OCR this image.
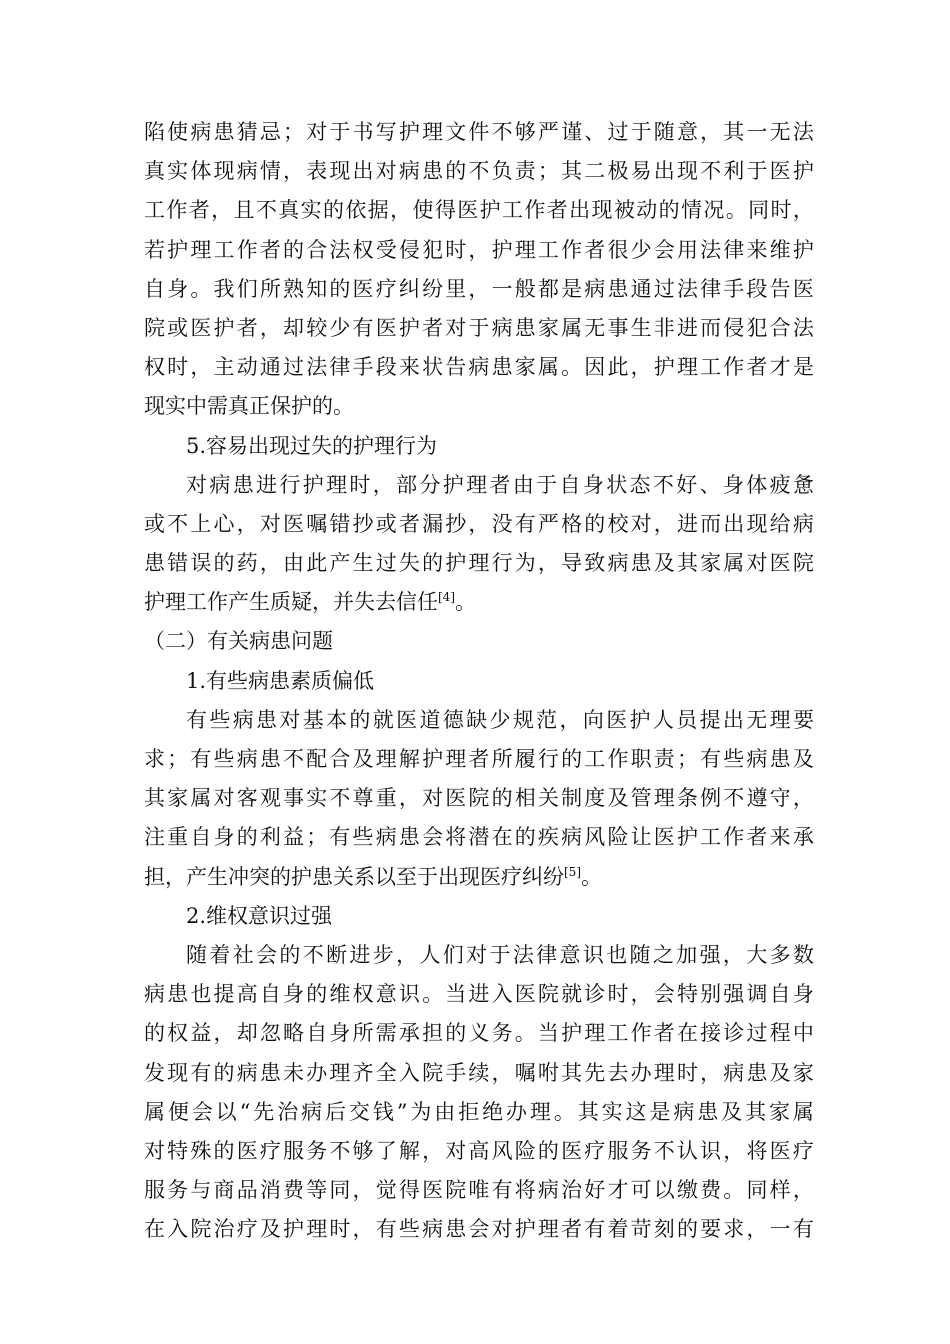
陷 使 病 患 猜 忌 ； 对 于 书 写 护 理 文 件 不 够 严 谨 、 过 于 随 意 ， 其 一 无 法
真 实 体 现 病 情 ， 表 现 出 对 病 患 的 不 负 责 ； 其 二 极 易 出 现 不 利 于 医 护
工 作 者 ， 且 不 真 实 的 依 据 ， 使 得 医 护 工 作 者 出 现 被 动 的 情 况 。 同 时 ，
若 护 理 工 作 者 的 合 法 权 受 侵 犯 时 ， 护 理 工 作 者 很 少 会 用 法 律 来 维 护
自 身 。 我 们 所 熟 知 的 医 疗 纠 纷 里 ， 一 般 都 是 病 患 通 过 法 律 手 段 告 医
院 或 医 护 者 ， 却 较 少 有 医 护 者 对 于 病 患 家 属 无 事 生 非 进 而 侵 犯 合 法
权 时 ， 主 动 通 过 法 律 手 段 来 状 告 病 患 家 属 。 因 此 ， 护 理 工 作 者 才 是
现实中需真正保护的。
5.容易出现过失的护理行为
对 病 患 进 行 护 理 时 ， 部 分 护 理 者 由 于 自 身 状 态 不 好 、 身 体 疲 惫
或 不 上 心 ， 对 医 嘱 错 抄 或 者 漏 抄 ， 没 有 严 格 的 校 对 ， 进 而 出 现 给 病
患 错 误 的 药 ， 由 此 产 生 过 失 的 护 理 行 为 ， 导 致 病 患 及 其 家 属 对 医 院
护理工作产生质疑，并失去信任[4]。
（二）有关病患问题
1.有些病患素质偏低
有 些 病 患 对 基 本 的 就 医 道 德 缺 少 规 范 ， 向 医 护 人 员 提 出 无 理 要
求 ； 有 些 病 患 不 配 合 及 理 解 护 理 者 所 履 行 的 工 作 职 责 ； 有 些 病 患 及
其 家 属 对 客 观 事 实 不 尊 重 ， 对 医 院 的 相 关 制 度 及 管 理 条 例 不 遵 守 ，
注 重 自 身 的 利 益 ； 有 些 病 患 会 将 潜 在 的 疾 病 风 险 让 医 护 工 作 者 来 承
担，产生冲突的护患关系以至于出现医疗纠纷[5]。
2.维权意识过强
随 着 社 会 的 不 断 进 步 ， 人 们 对 于 法 律 意 识 也 随 之 加 强 ， 大 多 数
病 患 也 提 高 自 身 的 维 权 意 识 。 当 进 入 医 院 就 诊 时 ， 会 特 别 强 调 自 身
的 权 益 ， 却 忽 略 自 身 所 需 承 担 的 义 务 。 当 护 理 工 作 者 在 接 诊 过 程 中
发 现 有 的 病 患 未 办 理 齐 全 入 院 手 续 ， 嘱 咐 其 先 去 办 理 时 ， 病 患 及 家
属 便 会 以 “ 先 治 病 后 交 钱 ” 为 由 拒 绝 办 理 。 其 实 这 是 病 患 及 其 家 属
对 特 殊 的 医 疗 服 务 不 够 了 解 ， 对 高 风 险 的 医 疗 服 务 不 认 识 ， 将 医 疗
服 务 与 商 品 消 费 等 同 ， 觉 得 医 院 唯 有 将 病 治 好 才 可 以 缴 费 。 同 样 ，
在 入 院 治 疗 及 护 理 时 ， 有 些 病 患 会 对 护 理 者 有 着 苛 刻 的 要 求 ， 一 有
